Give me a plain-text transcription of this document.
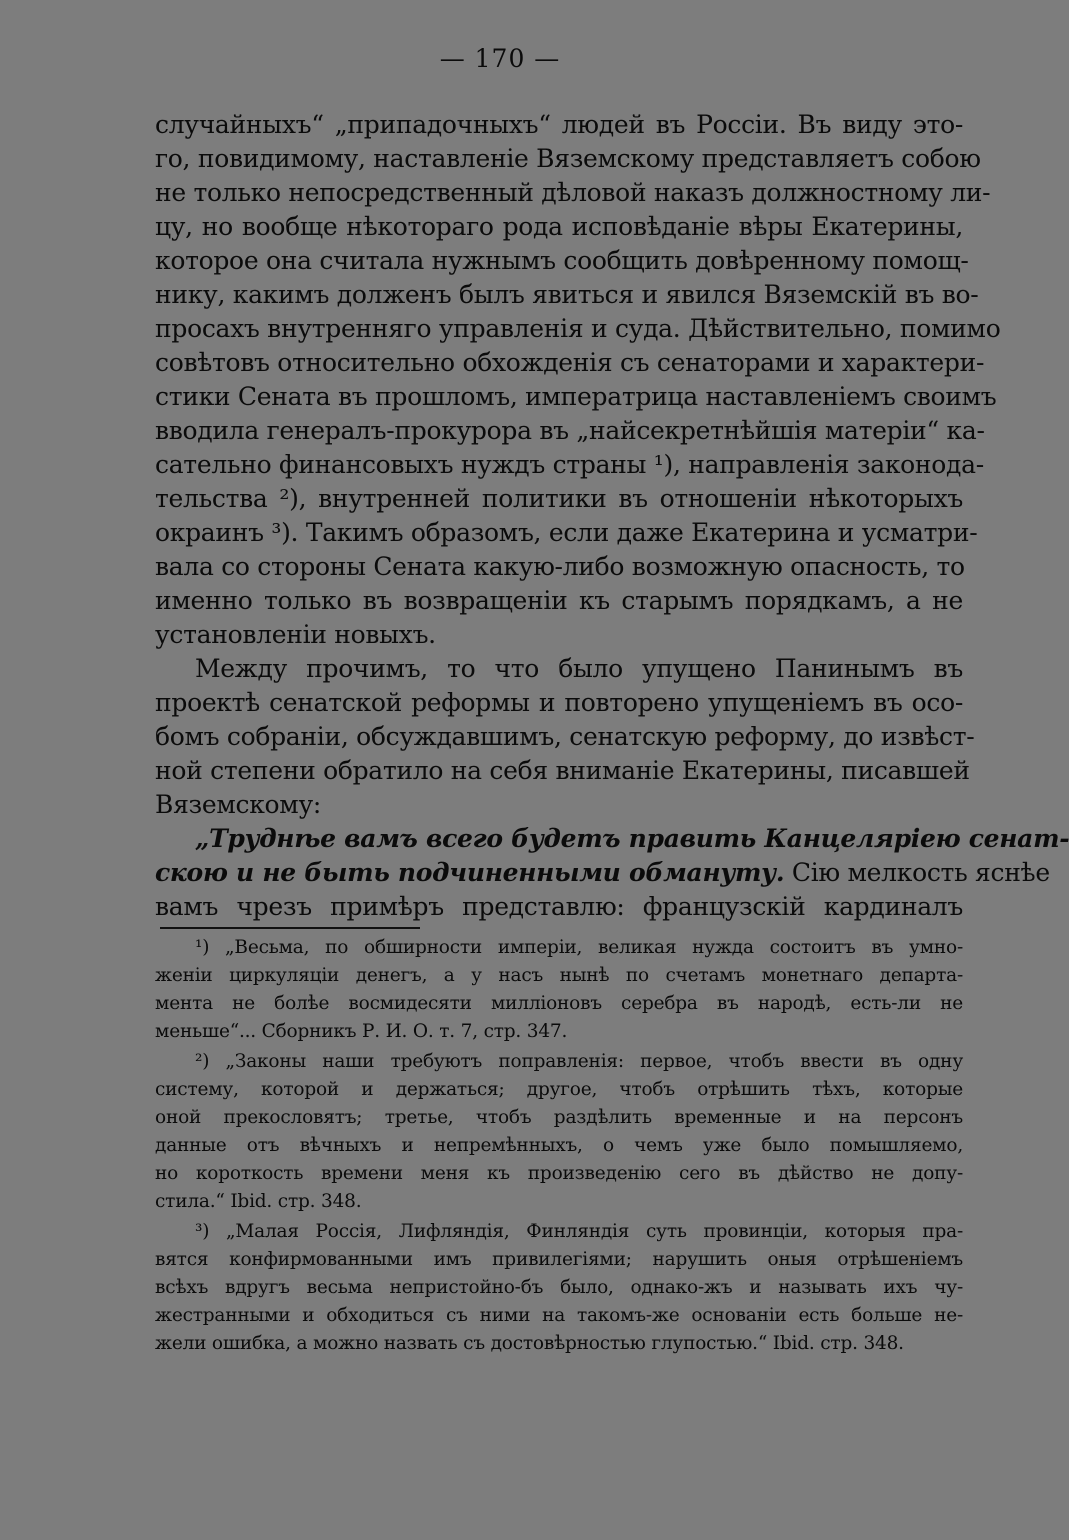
— 170 —
случайныхъ“ „припадочныхъ“ людей въ Россіи. Въ виду это-
го, повидимому, наставленіе Вяземскому представляетъ собою
не только непосредственный дѣловой наказъ должностному ли-
цу, но вообще нѣкотораго рода исповѣданіе вѣры Екатерины,
которое она считала нужнымъ сообщить довѣренному помощ-
нику, какимъ долженъ былъ явиться и явился Вяземскій въ во-
просахъ внутренняго управленія и суда. Дѣйствительно, помимо
совѣтовъ относительно обхожденія съ сенаторами и характери-
стики Сената въ прошломъ, императрица наставленіемъ своимъ
вводила генералъ-прокурора въ „найсекретнѣйшія матеріи“ ка-
сательно финансовыхъ нуждъ страны ¹), направленія законода-
тельства ²), внутренней политики въ отношеніи нѣкоторыхъ
окраинъ ³). Такимъ образомъ, если даже Екатерина и усматри-
вала со стороны Сената какую-либо возможную опасность, то
именно только въ возвращеніи къ старымъ порядкамъ, а не
установленіи новыхъ.
Между прочимъ, то что было упущено Панинымъ въ
проектѣ сенатской реформы и повторено упущеніемъ въ осо-
бомъ собраніи, обсуждавшимъ, сенатскую реформу, до извѣст-
ной степени обратило на себя вниманіе Екатерины, писавшей
Вяземскому:
„Труднѣе вамъ всего будетъ править Канцеляріею сенат-
скою и не быть подчиненными обмануту. Сію мелкость яснѣе
вамъ чрезъ примѣръ представлю: французскій кардиналъ
¹) „Весьма, по обширности имперіи, великая нужда состоитъ въ умно-
женіи циркуляціи денегъ, а у насъ нынѣ по счетамъ монетнаго департа-
мента не болѣе восмидесяти милліоновъ серебра въ народѣ, есть-ли не
меньше“... Сборникъ Р. И. О. т. 7, стр. 347.
²) „Законы наши требуютъ поправленія: первое, чтобъ ввести въ одну
систему, которой и держаться; другое, чтобъ отрѣшить тѣхъ, которые
оной прекословятъ; третье, чтобъ раздѣлить временные и на персонъ
данные отъ вѣчныхъ и непремѣнныхъ, о чемъ уже было помышляемо,
но короткость времени меня къ произведенію сего въ дѣйство не допу-
стила.“ Ibid. стр. 348.
³) „Малая Россія, Лифляндія, Финляндія суть провинціи, которыя пра-
вятся конфирмованными имъ привилегіями; нарушить оныя отрѣшеніемъ
всѣхъ вдругъ весьма непристойно-бъ было, однако-жъ и называть ихъ чу-
жестранными и обходиться съ ними на такомъ-же основаніи есть больше не-
жели ошибка, а можно назвать съ достовѣрностью глупостью.“ Ibid. стр. 348.
